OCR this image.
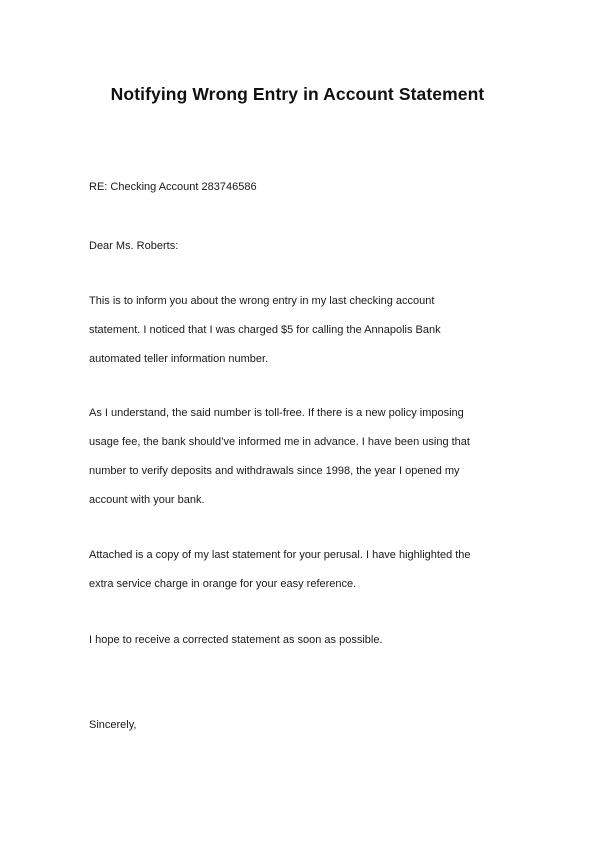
Notifying Wrong Entry in Account Statement
RE: Checking Account 283746586
Dear Ms. Roberts:
This is to inform you about the wrong entry in my last checking account
statement. I noticed that I was charged $5 for calling the Annapolis Bank
automated teller information number.
As I understand, the said number is toll-free. If there is a new policy imposing
usage fee, the bank should’ve informed me in advance. I have been using that
number to verify deposits and withdrawals since 1998, the year I opened my
account with your bank.
Attached is a copy of my last statement for your perusal. I have highlighted the
extra service charge in orange for your easy reference.
I hope to receive a corrected statement as soon as possible.
Sincerely,
